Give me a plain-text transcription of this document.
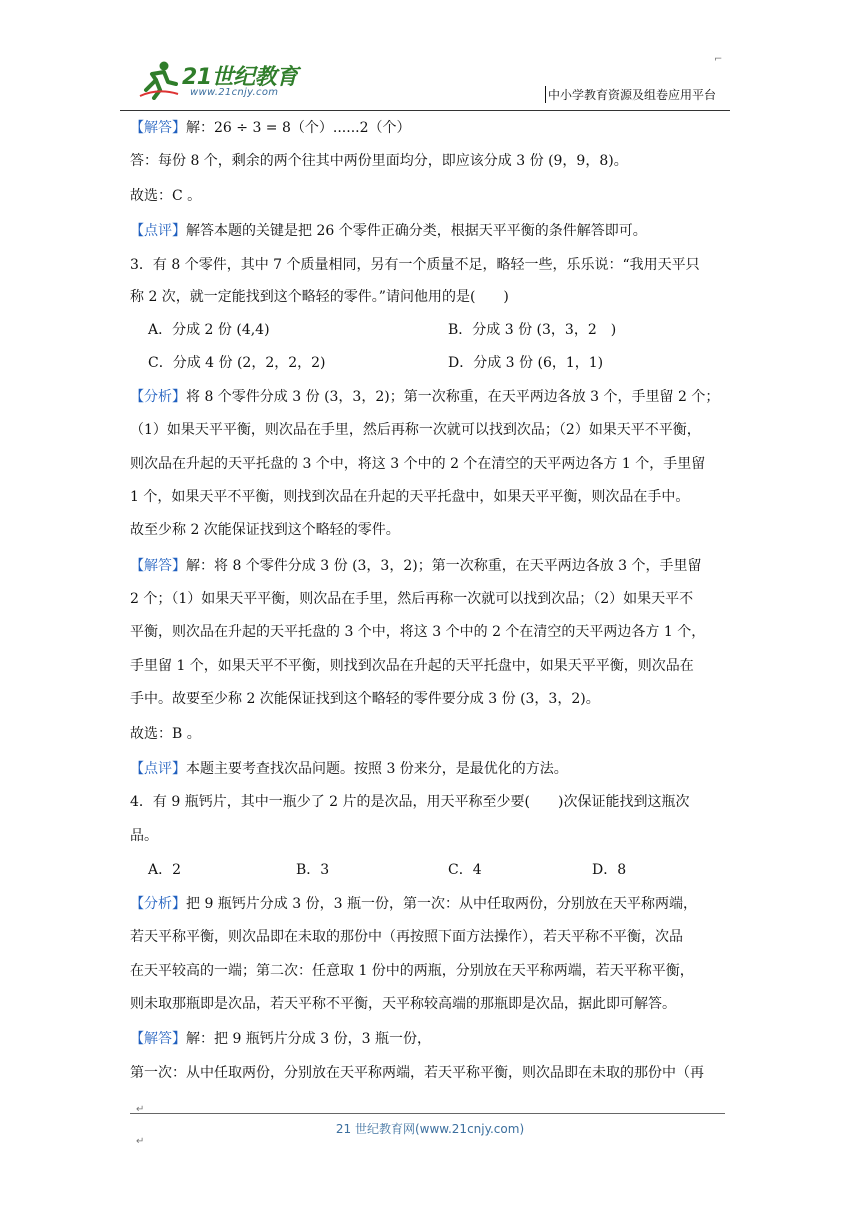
⌐
21世纪教育
www.21cnjy.com	中小学教育资源及组卷应用平台
【解答】解：26 ÷ 3 = 8（个）......2（个）
答：每份 8 个，剩余的两个往其中两份里面均分，即应该分成 3 份 (9，9，8)。
故选：C 。
【点评】解答本题的关键是把 26 个零件正确分类，根据天平平衡的条件解答即可。
3．有 8 个零件，其中 7 个质量相同，另有一个质量不足，略轻一些，乐乐说：“我用天平只
称 2 次，就一定能找到这个略轻的零件。”请问他用的是(　　)
A．分成 2 份 (4,4)	B．分成 3 份 (3，3，2　)
C．分成 4 份 (2，2，2，2)	D．分成 3 份 (6，1，1)
【分析】将 8 个零件分成 3 份 (3，3，2)；第一次称重，在天平两边各放 3 个，手里留 2 个；
（1）如果天平平衡，则次品在手里，然后再称一次就可以找到次品；（2）如果天平不平衡，
则次品在升起的天平托盘的 3 个中，将这 3 个中的 2 个在清空的天平两边各方 1 个，手里留
1 个，如果天平不平衡，则找到次品在升起的天平托盘中，如果天平平衡，则次品在手中。
故至少称 2 次能保证找到这个略轻的零件。
【解答】解：将 8 个零件分成 3 份 (3，3，2)；第一次称重，在天平两边各放 3 个，手里留
2 个；（1）如果天平平衡，则次品在手里，然后再称一次就可以找到次品；（2）如果天平不
平衡，则次品在升起的天平托盘的 3 个中，将这 3 个中的 2 个在清空的天平两边各方 1 个，
手里留 1 个，如果天平不平衡，则找到次品在升起的天平托盘中，如果天平平衡，则次品在
手中。故要至少称 2 次能保证找到这个略轻的零件要分成 3 份 (3，3，2)。
故选：B 。
【点评】本题主要考查找次品问题。按照 3 份来分，是最优化的方法。
4．有 9 瓶钙片，其中一瓶少了 2 片的是次品，用天平称至少要(　　)次保证能找到这瓶次
品。
A．2	B．3	C．4	D．8
【分析】把 9 瓶钙片分成 3 份，3 瓶一份，第一次：从中任取两份，分别放在天平称两端，
若天平称平衡，则次品即在未取的那份中（再按照下面方法操作），若天平称不平衡，次品
在天平较高的一端；第二次：任意取 1 份中的两瓶，分别放在天平称两端，若天平称平衡，
则未取那瓶即是次品，若天平称不平衡，天平称较高端的那瓶即是次品，据此即可解答。
【解答】解：把 9 瓶钙片分成 3 份，3 瓶一份，
第一次：从中任取两份，分别放在天平称两端，若天平称平衡，则次品即在未取的那份中（再
21 世纪教育网(www.21cnjy.com)
↵
↵
